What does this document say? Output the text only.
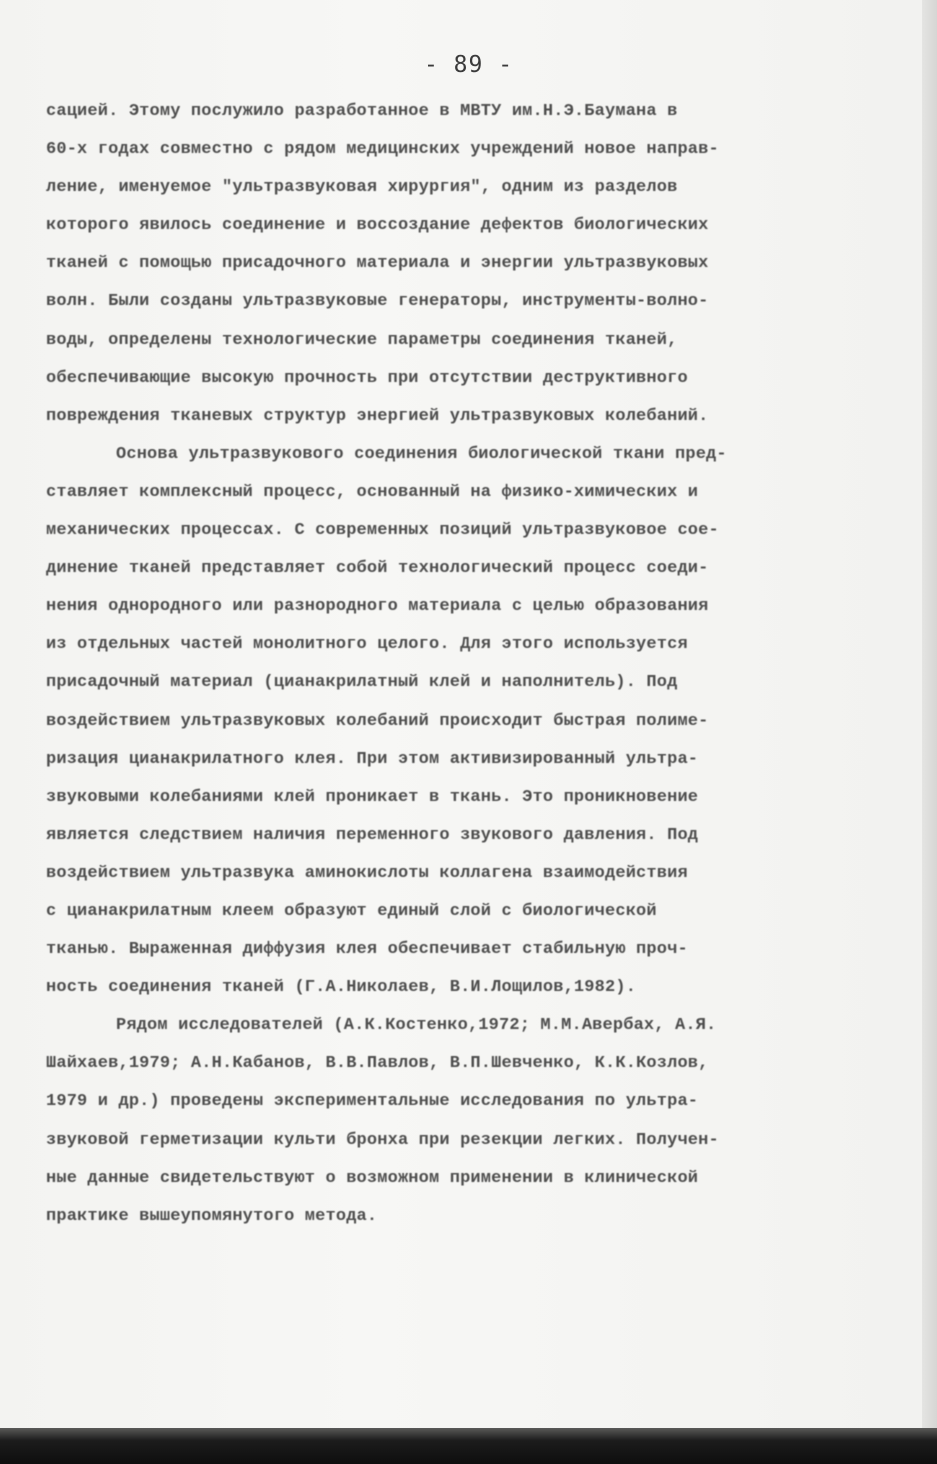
- 89 -
сацией. Этому послужило разработанное в МВТУ им.Н.Э.Баумана в
60-х годах совместно с рядом медицинских учреждений новое направ-
ление, именуемое "ультразвуковая хирургия", одним из разделов
которого явилось соединение и воссоздание дефектов биологических
тканей с помощью присадочного материала и энергии ультразвуковых
волн. Были созданы ультразвуковые генераторы, инструменты-волно-
воды, определены технологические параметры соединения тканей,
обеспечивающие высокую прочность при отсутствии деструктивного
повреждения тканевых структур энергией ультразвуковых колебаний.
Основа ультразвукового соединения биологической ткани пред-
ставляет комплексный процесс, основанный на физико-химических и
механических процессах. С современных позиций ультразвуковое сое-
динение тканей представляет собой технологический процесс соеди-
нения однородного или разнородного материала с целью образования
из отдельных частей монолитного целого. Для этого используется
присадочный материал (цианакрилатный клей и наполнитель). Под
воздействием ультразвуковых колебаний происходит быстрая полиме-
ризация цианакрилатного клея. При этом активизированный ультра-
звуковыми колебаниями клей проникает в ткань. Это проникновение
является следствием наличия переменного звукового давления. Под
воздействием ультразвука аминокислоты коллагена взаимодействия
с цианакрилатным клеем образуют единый слой с биологической
тканью. Выраженная диффузия клея обеспечивает стабильную проч-
ность соединения тканей (Г.А.Николаев, В.И.Лощилов,1982).
Рядом исследователей (А.К.Костенко,1972; М.М.Авербах, А.Я.
Шайхаев,1979; А.Н.Кабанов, В.В.Павлов, В.П.Шевченко, К.К.Козлов,
1979 и др.) проведены экспериментальные исследования по ультра-
звуковой герметизации культи бронха при резекции легких. Получен-
ные данные свидетельствуют о возможном применении в клинической
практике вышеупомянутого метода.
